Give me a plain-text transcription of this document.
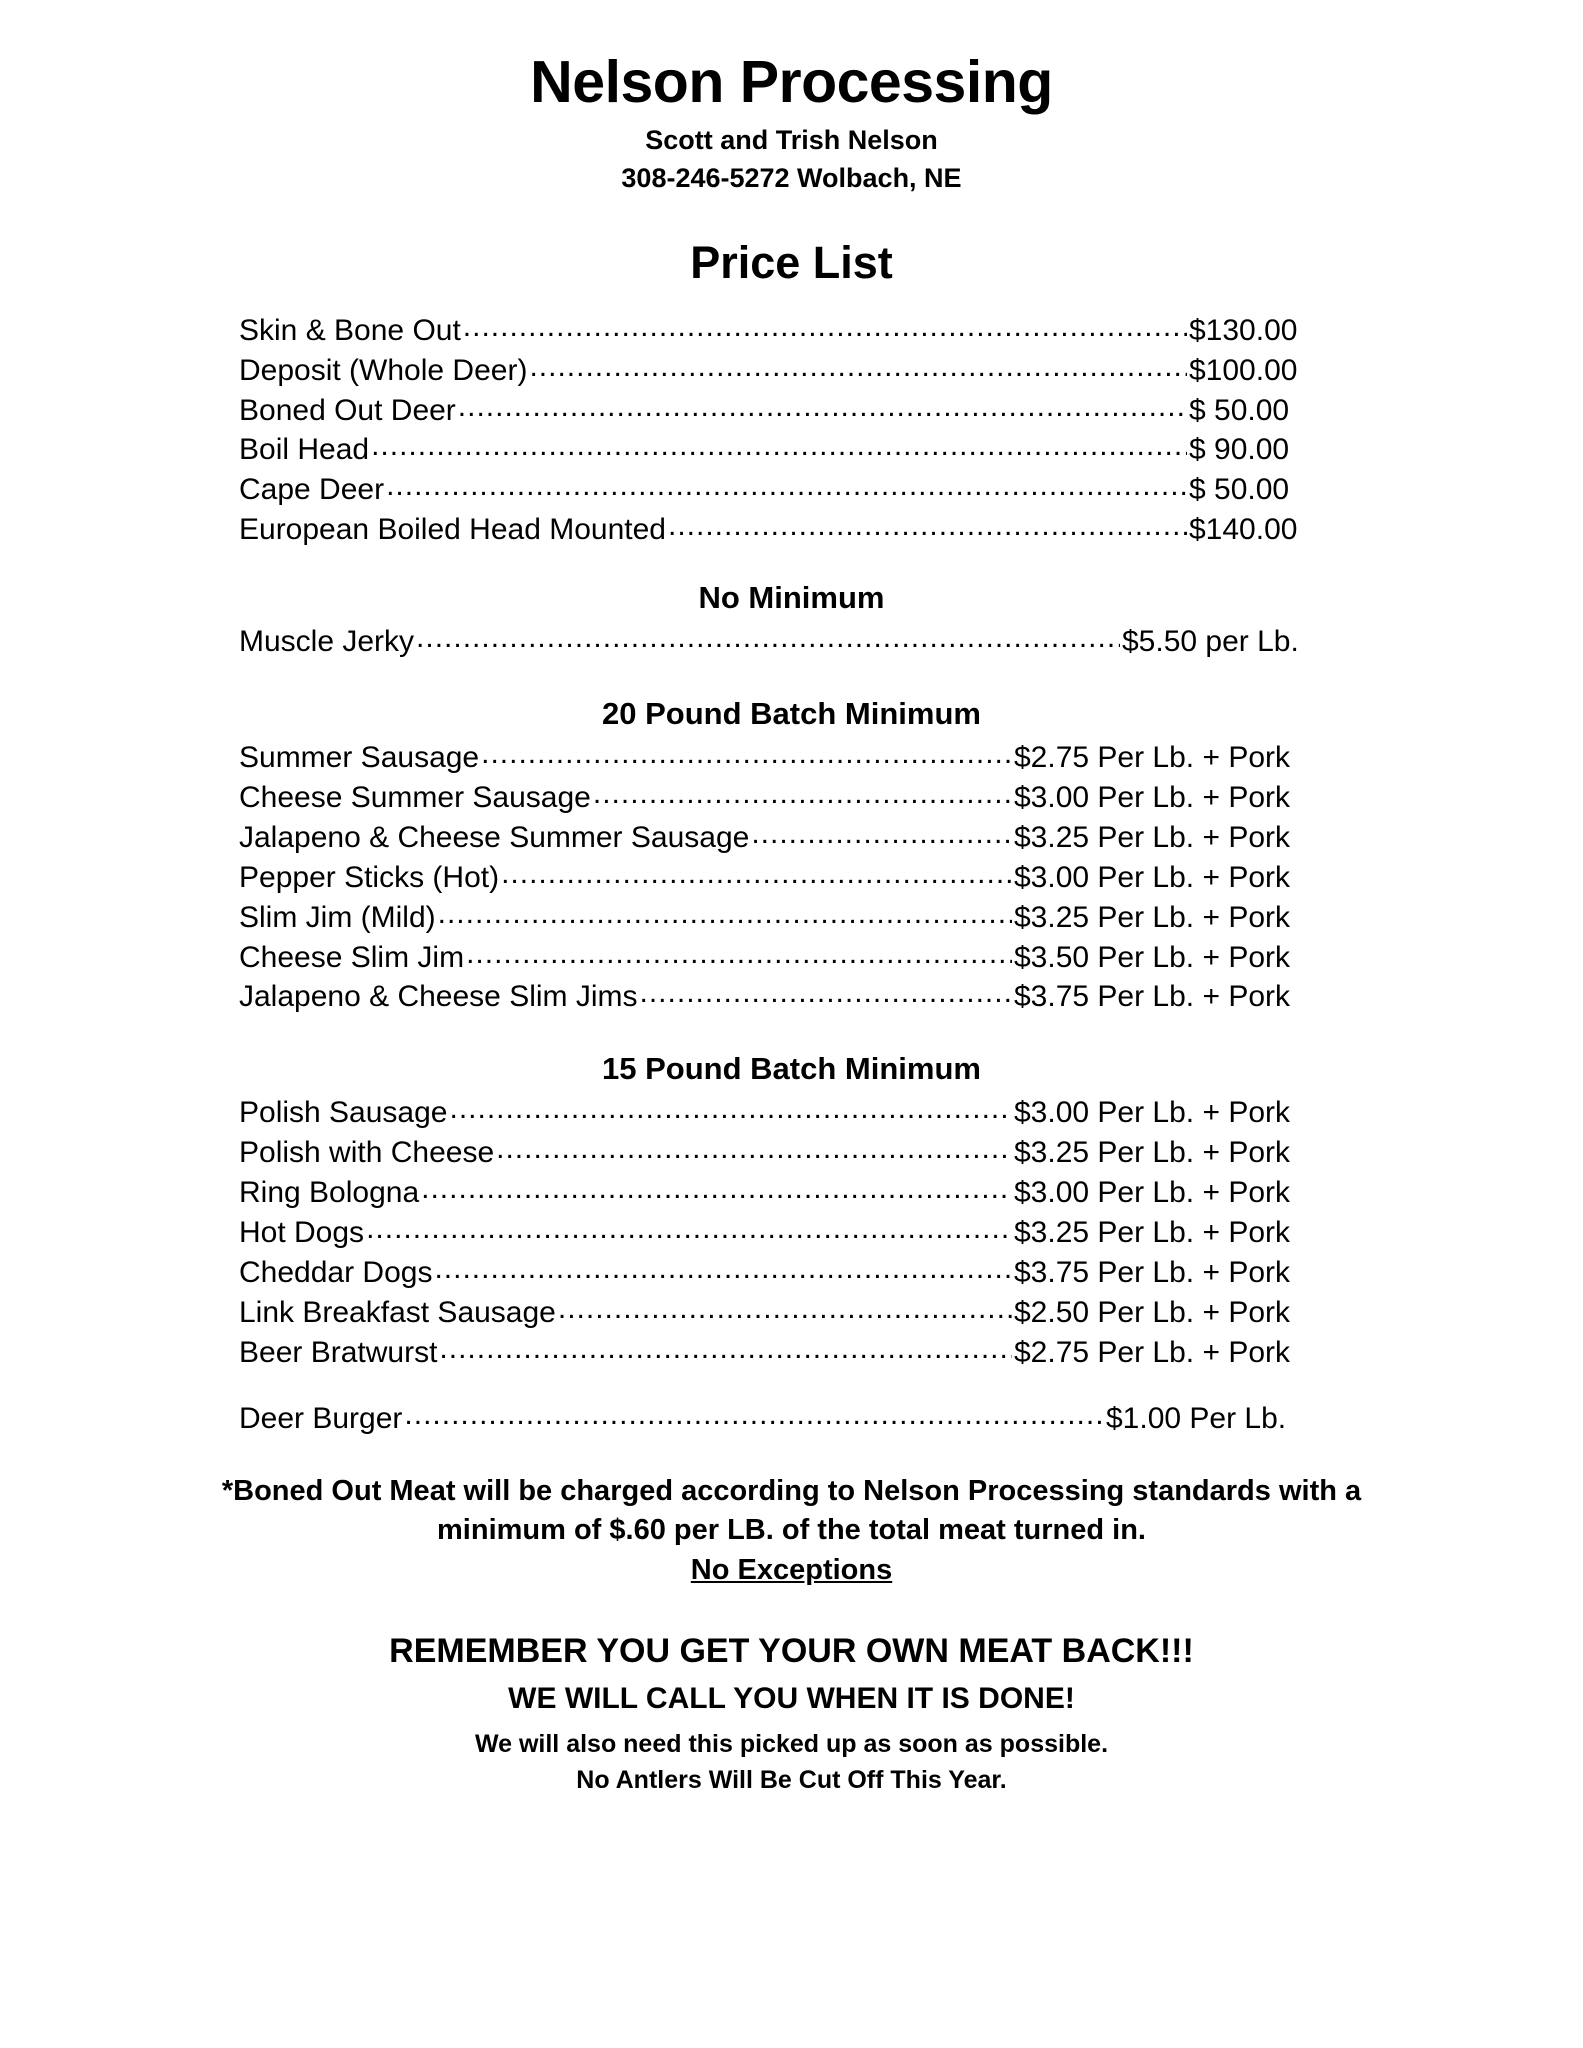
Nelson Processing
Scott and Trish Nelson
308-246-5272 Wolbach, NE
Price List
Skin & Bone Out .....	$130.00
Deposit (Whole Deer) .....	$100.00
Boned Out Deer .....	$ 50.00
Boil Head .....	$ 90.00
Cape Deer .....	$ 50.00
European Boiled Head Mounted .....	$140.00
No Minimum
Muscle Jerky .....	$5.50 per Lb.
20 Pound Batch Minimum
Summer Sausage .....	$2.75 Per Lb. + Pork
Cheese Summer Sausage .....	$3.00 Per Lb. + Pork
Jalapeno & Cheese Summer Sausage .....	$3.25 Per Lb. + Pork
Pepper Sticks (Hot) .....	$3.00 Per Lb. + Pork
Slim Jim (Mild) .....	$3.25 Per Lb. + Pork
Cheese Slim Jim .....	$3.50 Per Lb. + Pork
Jalapeno & Cheese Slim Jims .....	$3.75 Per Lb. + Pork
15 Pound Batch Minimum
Polish Sausage .....	$3.00 Per Lb. + Pork
Polish with Cheese .....	$3.25 Per Lb. + Pork
Ring Bologna .....	$3.00 Per Lb. + Pork
Hot Dogs .....	$3.25 Per Lb. + Pork
Cheddar Dogs .....	$3.75 Per Lb. + Pork
Link Breakfast Sausage .....	$2.50 Per Lb. + Pork
Beer Bratwurst .....	$2.75 Per Lb. + Pork
Deer Burger .....	$1.00 Per Lb.
*Boned Out Meat will be charged according to Nelson Processing standards with a
minimum of $.60 per LB. of the total meat turned in.
No Exceptions
REMEMBER YOU GET YOUR OWN MEAT BACK!!!
WE WILL CALL YOU WHEN IT IS DONE!
We will also need this picked up as soon as possible.
No Antlers Will Be Cut Off This Year.
